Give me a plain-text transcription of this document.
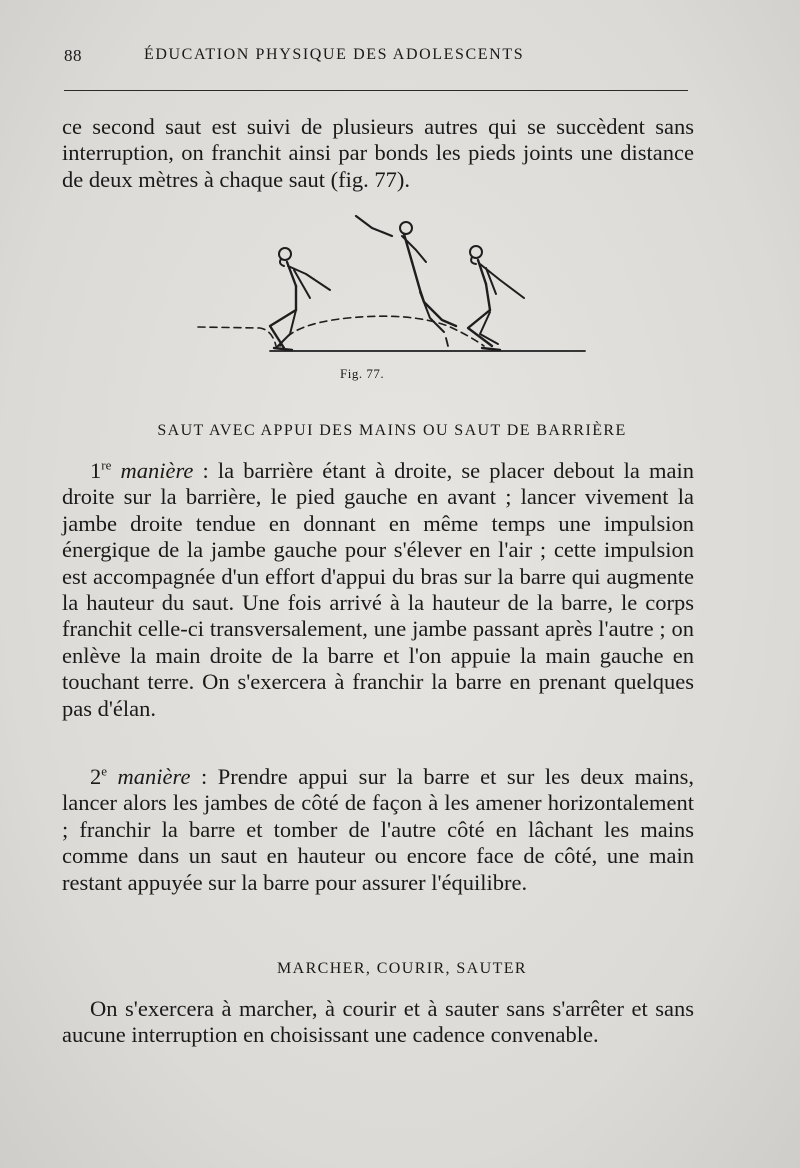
88	ÉDUCATION PHYSIQUE DES ADOLESCENTS

ce second saut est suivi de plusieurs autres qui se succèdent sans interruption, on franchit ainsi par bonds les pieds joints une distance de deux mètres à chaque saut (fig. 77).

Fig. 77.
SAUT AVEC APPUI DES MAINS OU SAUT DE BARRIÈRE

1re manière : la barrière étant à droite, se placer debout la main droite sur la barrière, le pied gauche en avant ; lancer vivement la jambe droite tendue en donnant en même temps une impulsion énergique de la jambe gauche pour s'élever en l'air ; cette impulsion est accompagnée d'un effort d'appui du bras sur la barre qui augmente la hauteur du saut. Une fois arrivé à la hauteur de la barre, le corps franchit celle-ci transversalement, une jambe passant après l'autre ; on enlève la main droite de la barre et l'on appuie la main gauche en touchant terre. On s'exercera à franchir la barre en prenant quelques pas d'élan.

2e manière : Prendre appui sur la barre et sur les deux mains, lancer alors les jambes de côté de façon à les amener horizontalement ; franchir la barre et tomber de l'autre côté en lâchant les mains comme dans un saut en hauteur ou encore face de côté, une main restant appuyée sur la barre pour assurer l'équilibre.

MARCHER, COURIR, SAUTER

On s'exercera à marcher, à courir et à sauter sans s'arrêter et sans aucune interruption en choisissant une cadence convenable.
